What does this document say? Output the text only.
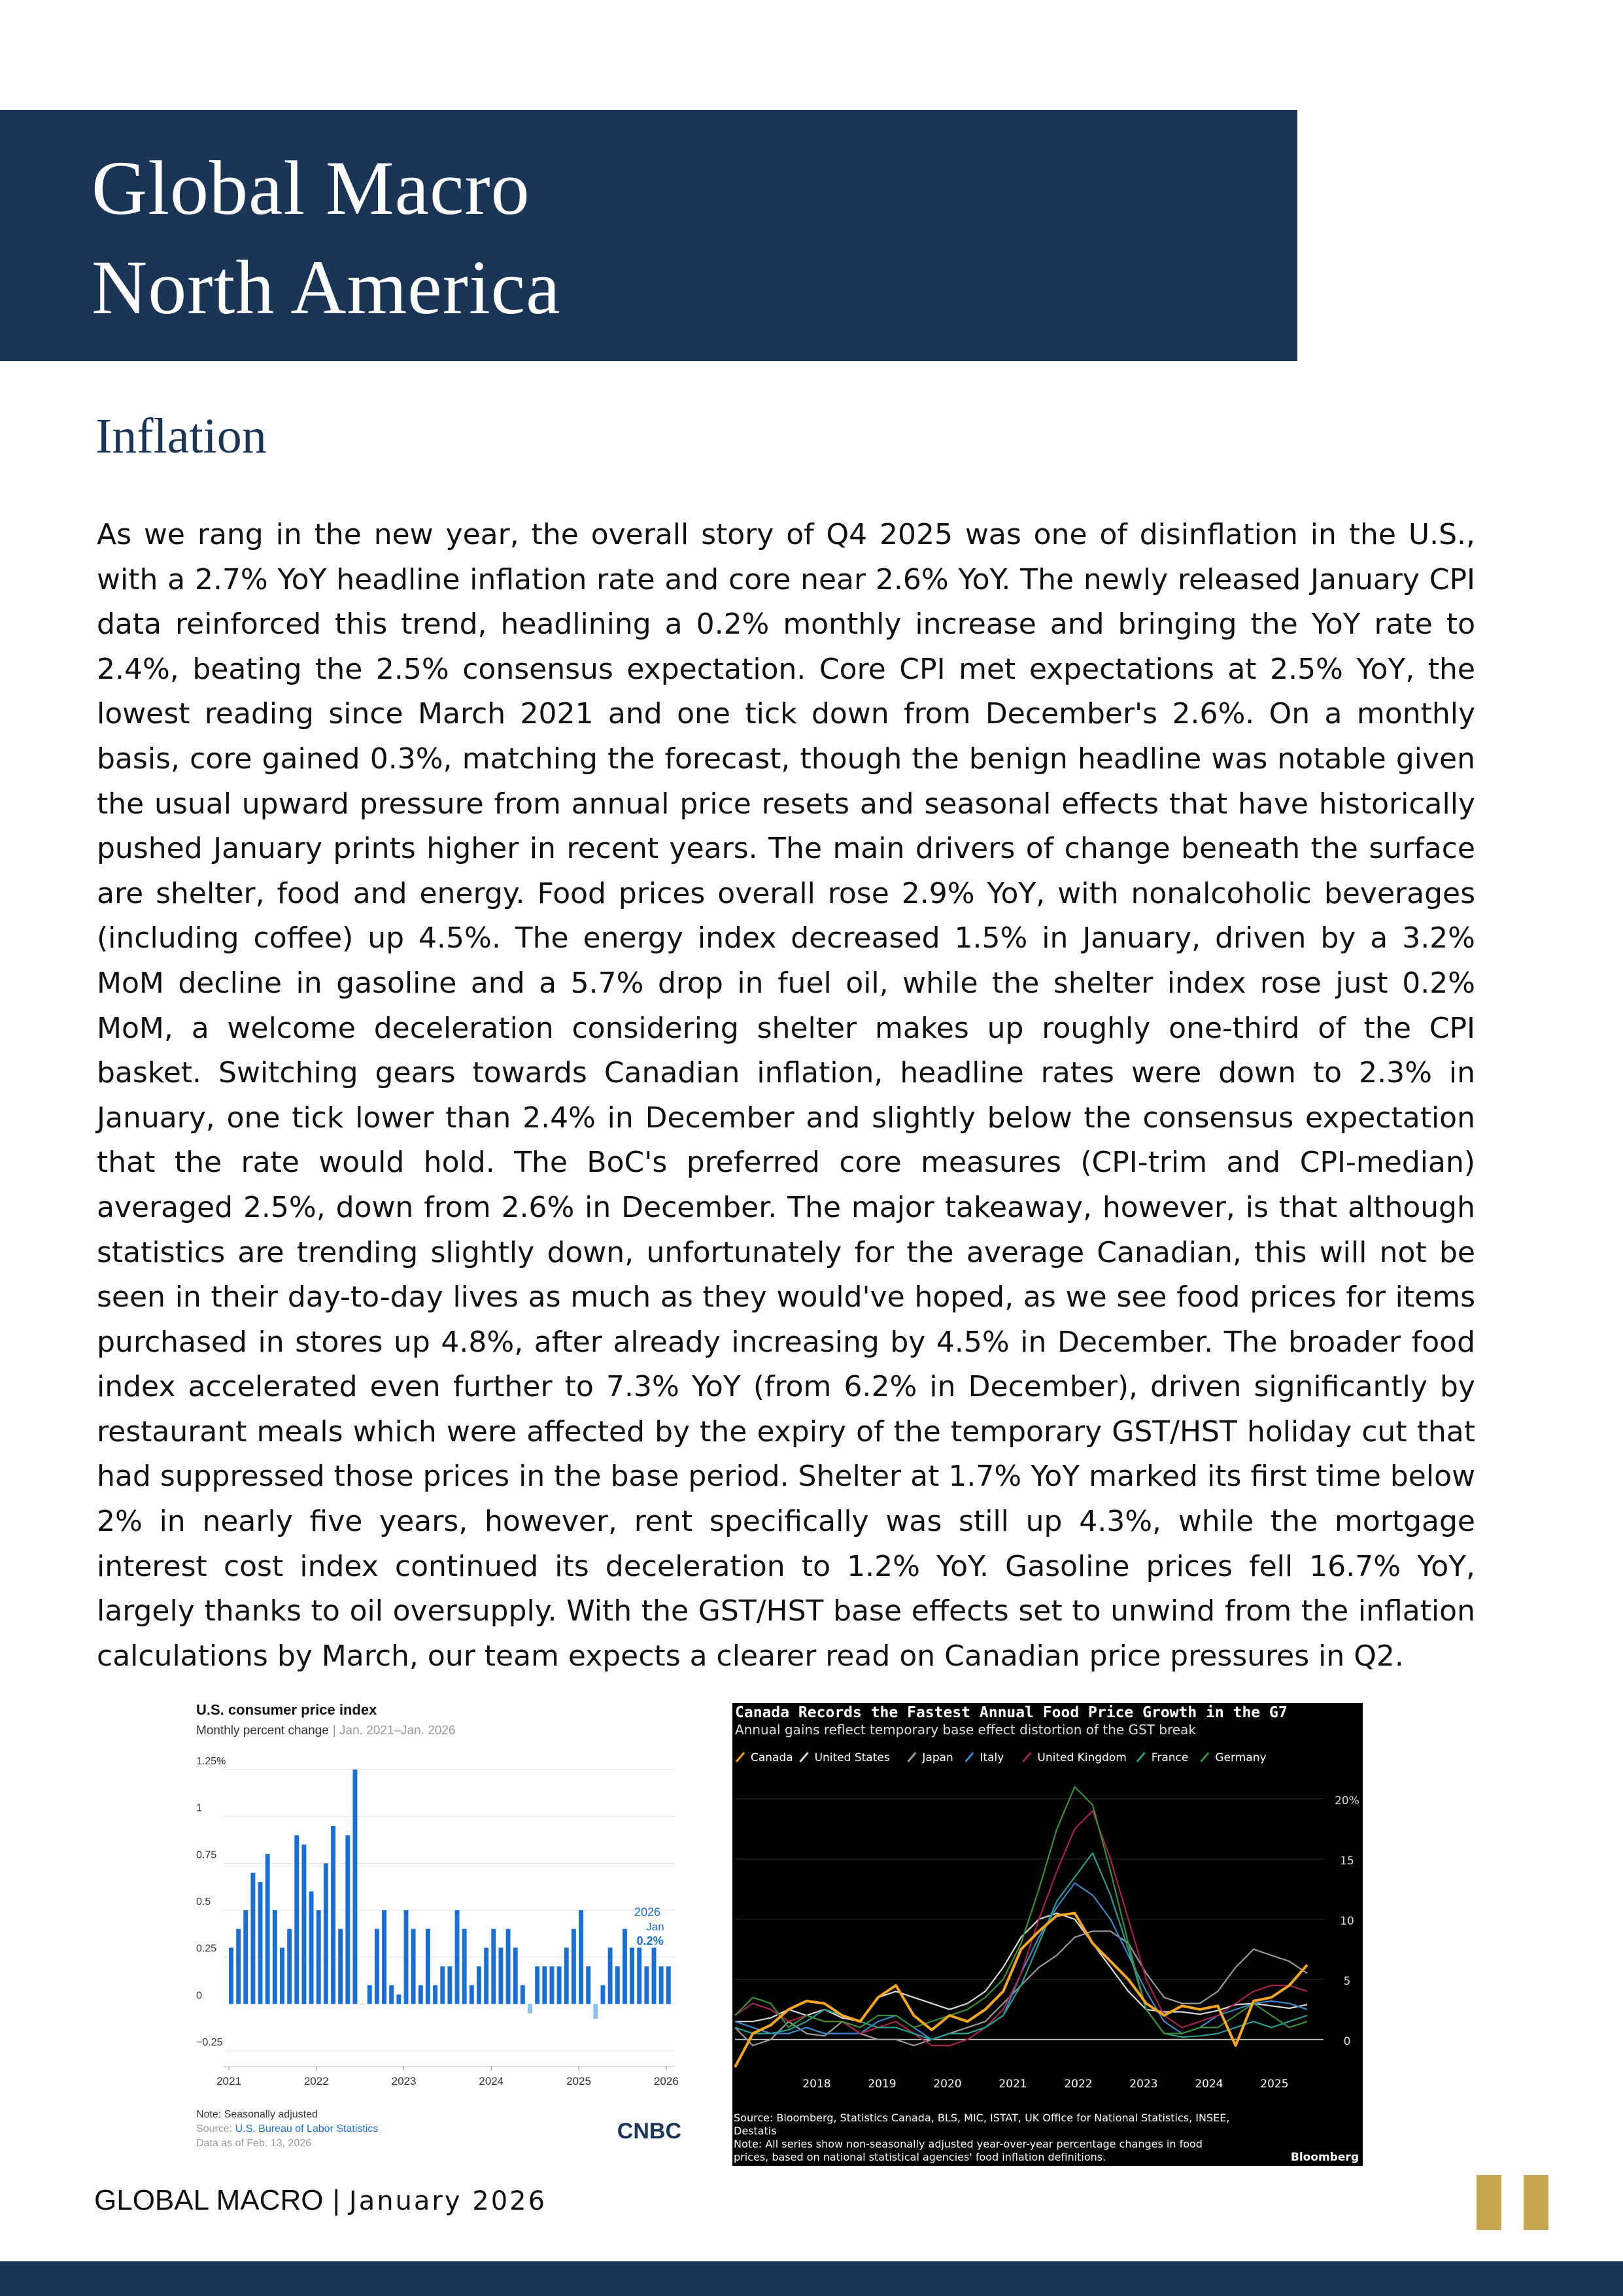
Global Macro
North America
Inflation

As we rang in the new year, the overall story of Q4 2025 was one of disinflation in the U.S., with a 2.7% YoY headline inflation rate and core near 2.6% YoY. The newly released January CPI data reinforced this trend, headlining a 0.2% monthly increase and bringing the YoY rate to 2.4%, beating the 2.5% consensus expectation. Core CPI met expectations at 2.5% YoY, the lowest reading since March 2021 and one tick down from December's 2.6%. On a monthly basis, core gained 0.3%, matching the forecast, though the benign headline was notable given the usual upward pressure from annual price resets and seasonal effects that have historically pushed January prints higher in recent years. The main drivers of change beneath the surface are shelter, food and energy. Food prices overall rose 2.9% YoY, with nonalcoholic beverages (including coffee) up 4.5%. The energy index decreased 1.5% in January, driven by a 3.2% MoM decline in gasoline and a 5.7% drop in fuel oil, while the shelter index rose just 0.2% MoM, a welcome deceleration considering shelter makes up roughly one-third of the CPI basket. Switching gears towards Canadian inflation, headline rates were down to 2.3% in January, one tick lower than 2.4% in December and slightly below the consensus expectation that the rate would hold. The BoC's preferred core measures (CPI-trim and CPI-median) averaged 2.5%, down from 2.6% in December. The major takeaway, however, is that although statistics are trending slightly down, unfortunately for the average Canadian, this will not be seen in their day-to-day lives as much as they would've hoped, as we see food prices for items purchased in stores up 4.8%, after already increasing by 4.5% in December. The broader food index accelerated even further to 7.3% YoY (from 6.2% in December), driven significantly by restaurant meals which were affected by the expiry of the temporary GST/HST holiday cut that had suppressed those prices in the base period. Shelter at 1.7% YoY marked its first time below 2% in nearly five years, however, rent specifically was still up 4.3%, while the mortgage interest cost index continued its deceleration to 1.2% YoY. Gasoline prices fell 16.7% YoY, largely thanks to oil oversupply. With the GST/HST base effects set to unwind from the inflation calculations by March, our team expects a clearer read on Canadian price pressures in Q2.

U.S. consumer price index
Monthly percent change | Jan. 2021–Jan. 2026
1.25%
1
0.75
0.5
0.25
0
−0.25
2021	2022	2023	2024	2025	2026
2026
Jan
0.2%
Note: Seasonally adjusted
Source: U.S. Bureau of Labor Statistics
Data as of Feb. 13, 2026	CNBC
Canada Records the Fastest Annual Food Price Growth in the G7
Annual gains reflect temporary base effect distortion of the GST break
Canada United States	Japan Italy	United Kingdom France Germany
20%
15
10
5
0
2018	2019	2020	2021	2022	2023	2024	2025
Source: Bloomberg, Statistics Canada, BLS, MIC, ISTAT, UK Office for National Statistics, INSEE, Destatis
Note: All series show non-seasonally adjusted year-over-year percentage changes in food prices, based on national statistical agencies' food inflation definitions.	Bloomberg
GLOBAL MACRO | January 2026
